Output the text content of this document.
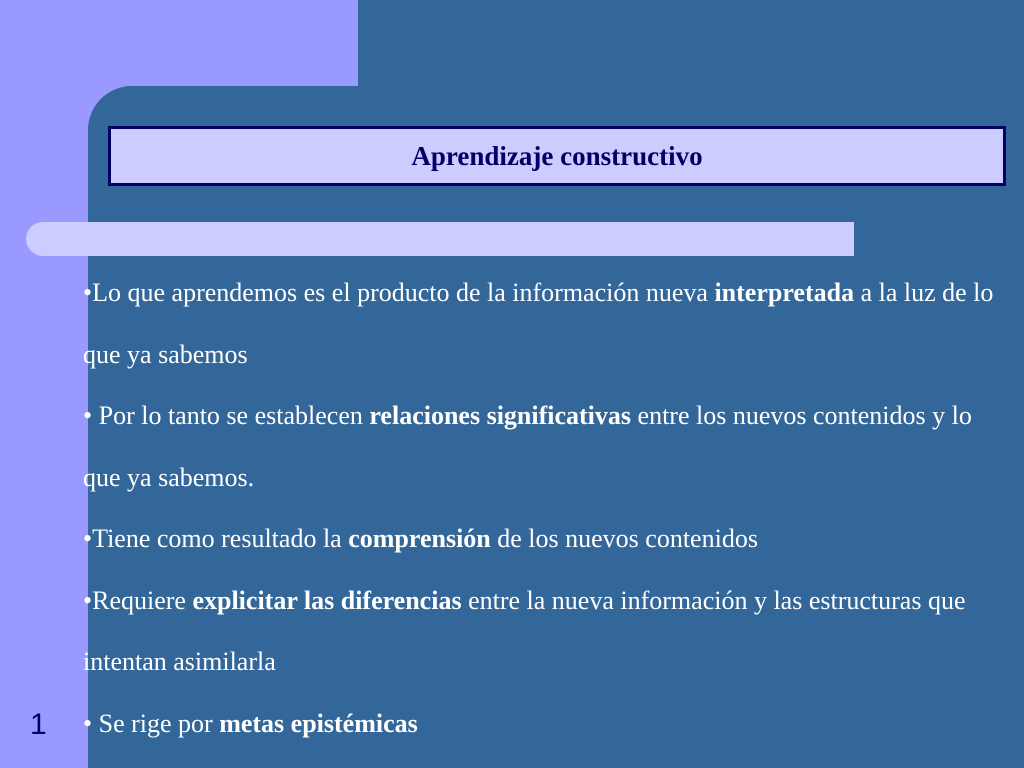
Aprendizaje constructivo

•Lo que aprendemos es el producto de la información nueva interpretada a la luz de lo que ya sabemos

• Por lo tanto se establecen relaciones significativas entre los nuevos contenidos y lo que ya sabemos.

•Tiene como resultado la comprensión de los nuevos contenidos

•Requiere explicitar las diferencias entre la nueva información y las estructuras que intentan asimilarla

• Se rige por metas epistémicas

1
